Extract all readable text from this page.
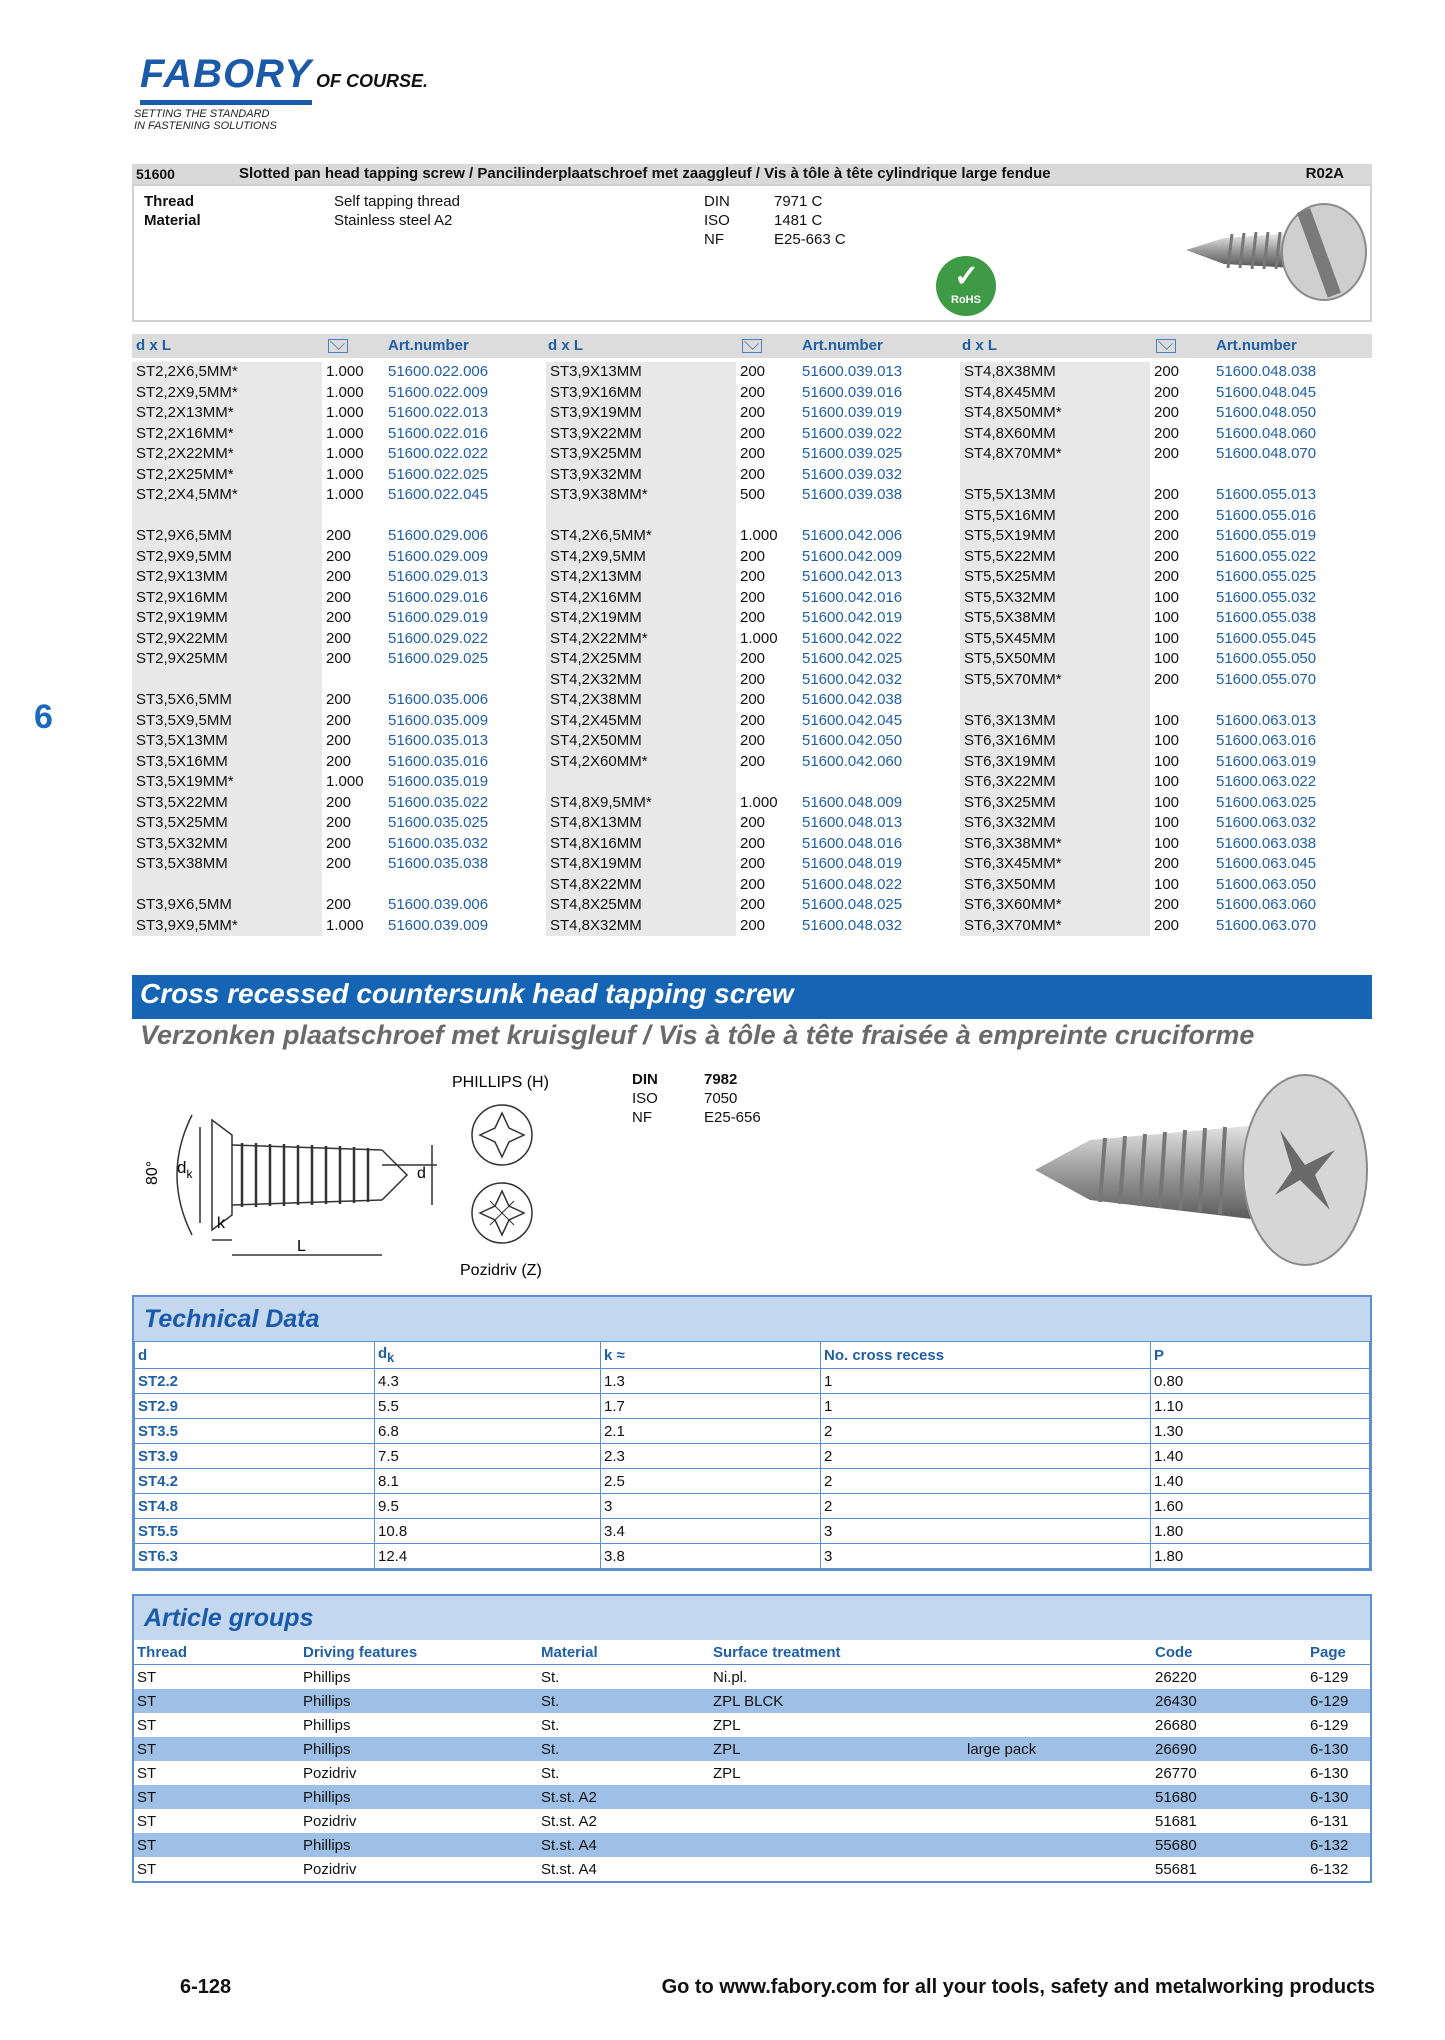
FABORY OF COURSE.
SETTING THE STANDARD
IN FASTENING SOLUTIONS
51600	Slotted pan head tapping screw / Pancilinderplaatschroef met zaaggleuf / Vis à tôle à tête cylindrique large fendue	R02A
Thread	Self tapping thread
Material	Stainless steel A2
DIN	7971 C
ISO	1481 C
NF	E25-663 C
✓
RoHS
d x L	Art.number	d x L	Art.number	d x L	Art.number
ST2,2X6,5MM*	1.000 51600.022.006
ST2,2X9,5MM*	1.000 51600.022.009
ST2,2X13MM*	1.000 51600.022.013
ST2,2X16MM*	1.000 51600.022.016
ST2,2X22MM*	1.000 51600.022.022
ST2,2X25MM*	1.000 51600.022.025
ST2,2X4,5MM*	1.000 51600.022.045
ST2,9X6,5MM	200 51600.029.006
ST2,9X9,5MM	200 51600.029.009
ST2,9X13MM	200 51600.029.013
ST2,9X16MM	200 51600.029.016
ST2,9X19MM	200 51600.029.019
ST2,9X22MM	200 51600.029.022
ST2,9X25MM	200 51600.029.025
ST3,5X6,5MM	200 51600.035.006
ST3,5X9,5MM	200 51600.035.009
ST3,5X13MM	200 51600.035.013
ST3,5X16MM	200 51600.035.016
ST3,5X19MM*	1.000 51600.035.019
ST3,5X22MM	200 51600.035.022
ST3,5X25MM	200 51600.035.025
ST3,5X32MM	200 51600.035.032
ST3,5X38MM	200 51600.035.038
ST3,9X6,5MM	200 51600.039.006
ST3,9X9,5MM*	1.000 51600.039.009
ST3,9X13MM	200 51600.039.013
ST3,9X16MM	200 51600.039.016
ST3,9X19MM	200 51600.039.019
ST3,9X22MM	200 51600.039.022
ST3,9X25MM	200 51600.039.025
ST3,9X32MM	200 51600.039.032
ST3,9X38MM*	500 51600.039.038
ST4,2X6,5MM*	1.000 51600.042.006
ST4,2X9,5MM	200 51600.042.009
ST4,2X13MM	200 51600.042.013
ST4,2X16MM	200 51600.042.016
ST4,2X19MM	200 51600.042.019
ST4,2X22MM*	1.000 51600.042.022
ST4,2X25MM	200 51600.042.025
ST4,2X32MM	200 51600.042.032
ST4,2X38MM	200 51600.042.038
ST4,2X45MM	200 51600.042.045
ST4,2X50MM	200 51600.042.050
ST4,2X60MM*	200 51600.042.060
ST4,8X9,5MM*	1.000 51600.048.009
ST4,8X13MM	200 51600.048.013
ST4,8X16MM	200 51600.048.016
ST4,8X19MM	200 51600.048.019
ST4,8X22MM	200 51600.048.022
ST4,8X25MM	200 51600.048.025
ST4,8X32MM	200 51600.048.032
ST4,8X38MM	200 51600.048.038
ST4,8X45MM	200 51600.048.045
ST4,8X50MM*	200 51600.048.050
ST4,8X60MM	200 51600.048.060
ST4,8X70MM*	200 51600.048.070
ST5,5X13MM	200 51600.055.013
ST5,5X16MM	200 51600.055.016
ST5,5X19MM	200 51600.055.019
ST5,5X22MM	200 51600.055.022
ST5,5X25MM	200 51600.055.025
ST5,5X32MM	100 51600.055.032
ST5,5X38MM	100 51600.055.038
ST5,5X45MM	100 51600.055.045
ST5,5X50MM	100 51600.055.050
ST5,5X70MM*	200 51600.055.070
ST6,3X13MM	100 51600.063.013
ST6,3X16MM	100 51600.063.016
ST6,3X19MM	100 51600.063.019
ST6,3X22MM	100 51600.063.022
ST6,3X25MM	100 51600.063.025
ST6,3X32MM	100 51600.063.032
ST6,3X38MM*	100 51600.063.038
ST6,3X45MM*	200 51600.063.045
ST6,3X50MM	100 51600.063.050
ST6,3X60MM*	200 51600.063.060
ST6,3X70MM*	200 51600.063.070
6
Cross recessed countersunk head tapping screw
Verzonken plaatschroef met kruisgleuf / Vis à tôle à tête fraisée à empreinte cruciforme
80° $d_k$
k
L
d
PHILLIPS (H)
Pozidriv (Z)
DIN	7982
ISO	7050
NF	E25-656
Technical Data
d	$d_k$	k ≈	No. cross recess	P
ST2.2	4.3	1.3	1	0.80
ST2.9	5.5	1.7	1	1.10
ST3.5	6.8	2.1	2	1.30
ST3.9	7.5	2.3	2	1.40
ST4.2	8.1	2.5	2	1.40
ST4.8	9.5	3	2	1.60
ST5.5	10.8	3.4	3	1.80
ST6.3	12.4	3.8	3	1.80
Article groups
Thread	Driving features	Material	Surface treatment		Code	Page
ST	Phillips	St.	Ni.pl.		26220	6-129
ST	Phillips	St.	ZPL BLCK		26430	6-129
ST	Phillips	St.	ZPL		26680	6-129
ST	Phillips	St.	ZPL	large pack	26690	6-130
ST	Pozidriv	St.	ZPL		26770	6-130
ST	Phillips	St.st. A2			51680	6-130
ST	Pozidriv	St.st. A2			51681	6-131
ST	Phillips	St.st. A4			55680	6-132
ST	Pozidriv	St.st. A4			55681	6-132
6-128	Go to www.fabory.com for all your tools, safety and metalworking products
